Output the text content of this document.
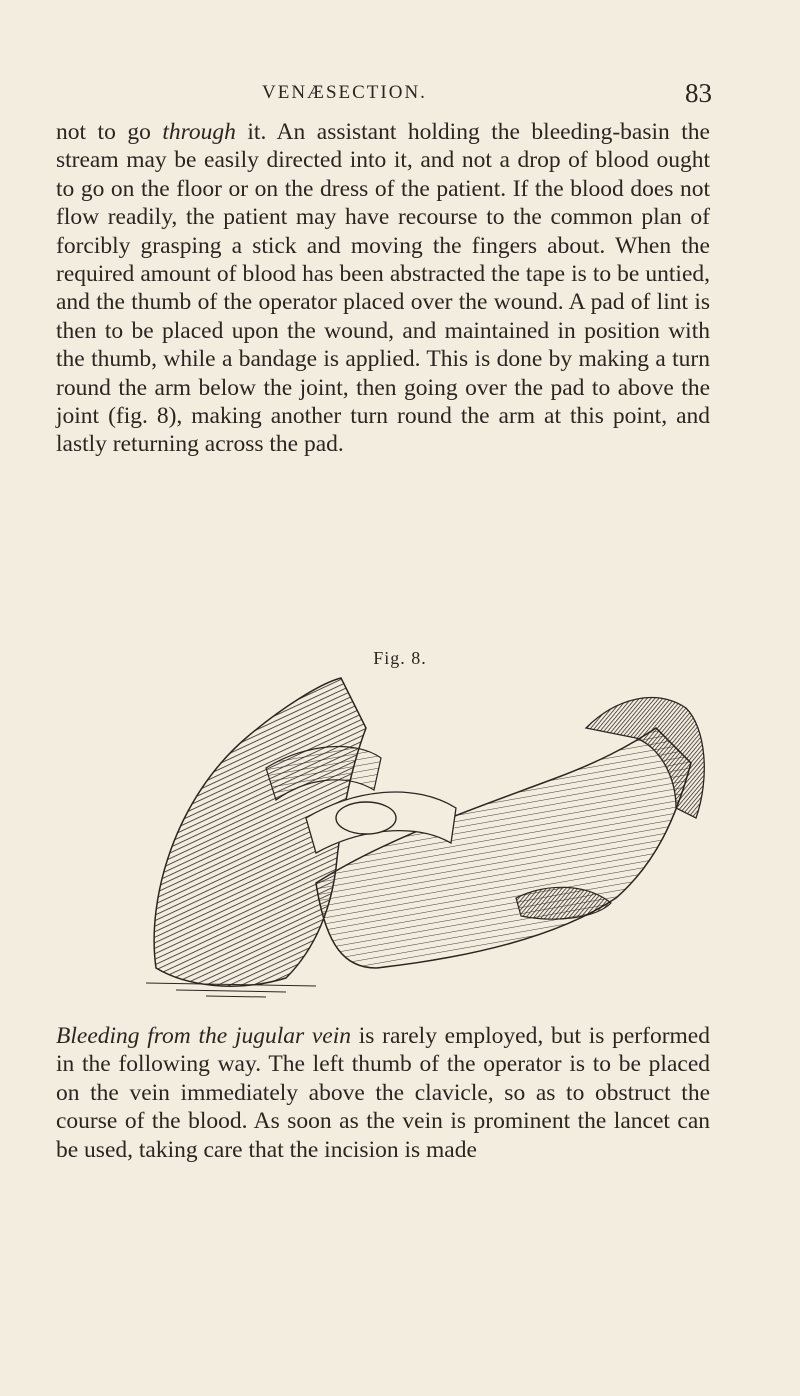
VENÆSECTION.	83

not to go through it. An assistant holding the bleeding-basin the stream may be easily directed into it, and not a drop of blood ought to go on the floor or on the dress of the patient. If the blood does not flow readily, the patient may have recourse to the common plan of forcibly grasping a stick and moving the fingers about. When the required amount of blood has been abstracted the tape is to be untied, and the thumb of the operator placed over the wound. A pad of lint is then to be placed upon the wound, and maintained in position with the thumb, while a bandage is applied. This is done by making a turn round the arm below the joint, then going over the pad to above the joint (fig. 8), making another turn round the arm at this point, and lastly returning across the pad.

Fig. 8.

Bleeding from the jugular vein is rarely employed, but is performed in the following way. The left thumb of the operator is to be placed on the vein immediately above the clavicle, so as to obstruct the course of the blood. As soon as the vein is prominent the lancet can be used, taking care that the incision is made
